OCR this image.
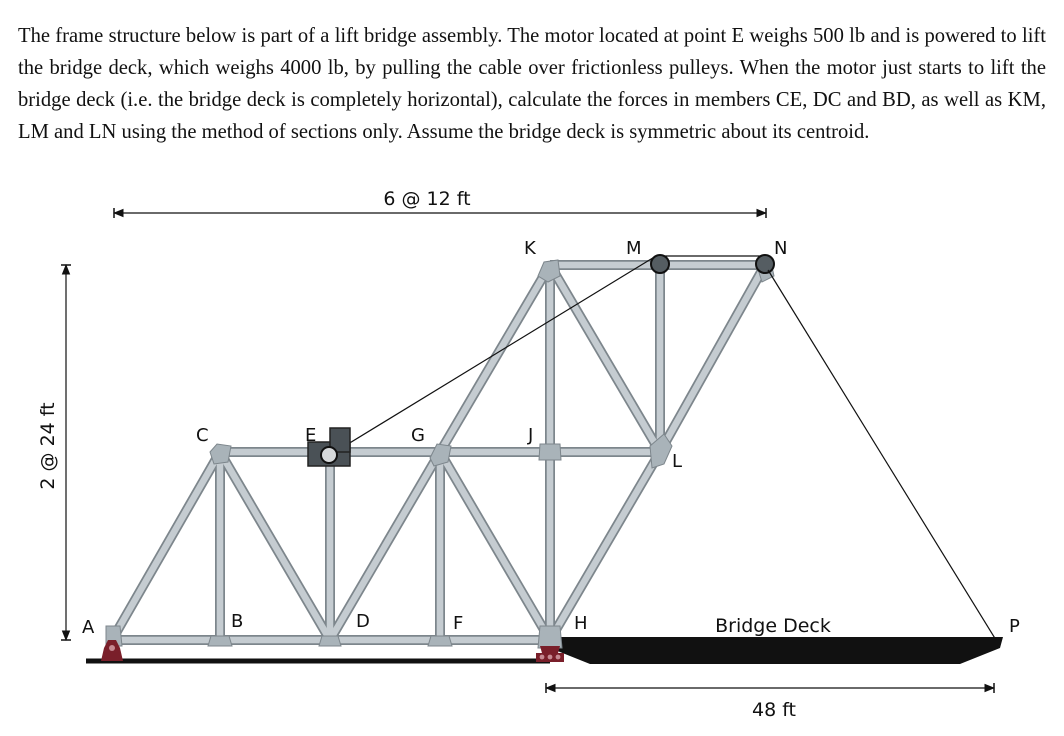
The frame structure below is part of a lift bridge assembly. The motor located at point E weighs 500 lb and is powered to lift the bridge deck, which weighs 4000 lb, by pulling the cable over frictionless pulleys. When the motor just starts to lift the bridge deck (i.e. the bridge deck is completely horizontal), calculate the forces in members CE, DC and BD, as well as KM, LM and LN using the method of sections only. Assume the bridge deck is symmetric about its centroid.

6 @ 12 ft
2 @ 24 ft
48 ft
Bridge Deck
A	B
C
D
E
F
G
H
J
K
L
M	N
P
